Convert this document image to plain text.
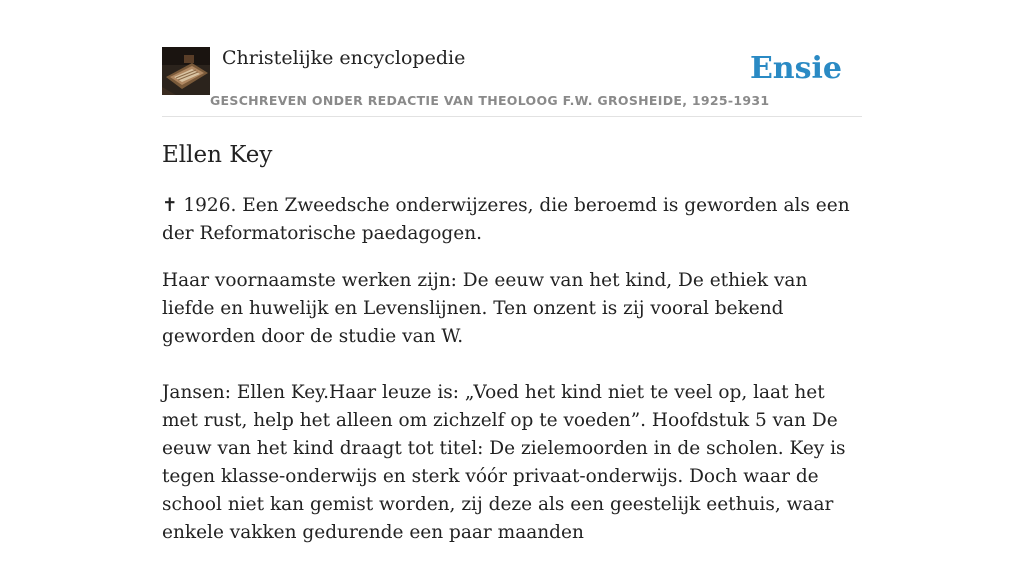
Christelijke encyclopedie
GESCHREVEN ONDER REDACTIE VAN THEOLOOG F.W. GROSHEIDE, 1925-1931
Ensie
Ellen Key

✝ 1926. Een Zweedsche onderwijzeres, die beroemd is geworden als een der Reformatorische paedagogen.

Haar voornaamste werken zijn: De eeuw van het kind, De ethiek van liefde en huwelijk en Levenslijnen. Ten onzent is zij vooral bekend geworden door de studie van W.

Jansen: Ellen Key.Haar leuze is: „Voed het kind niet te veel op, laat het met rust, help het alleen om zichzelf op te voeden”. Hoofdstuk 5 van De eeuw van het kind draagt tot titel: De zielemoorden in de scholen. Key is tegen klasse-onderwijs en sterk vóór privaat-onderwijs. Doch waar de school niet kan gemist worden, zij deze als een geestelijk eethuis, waar enkele vakken gedurende een paar maanden
